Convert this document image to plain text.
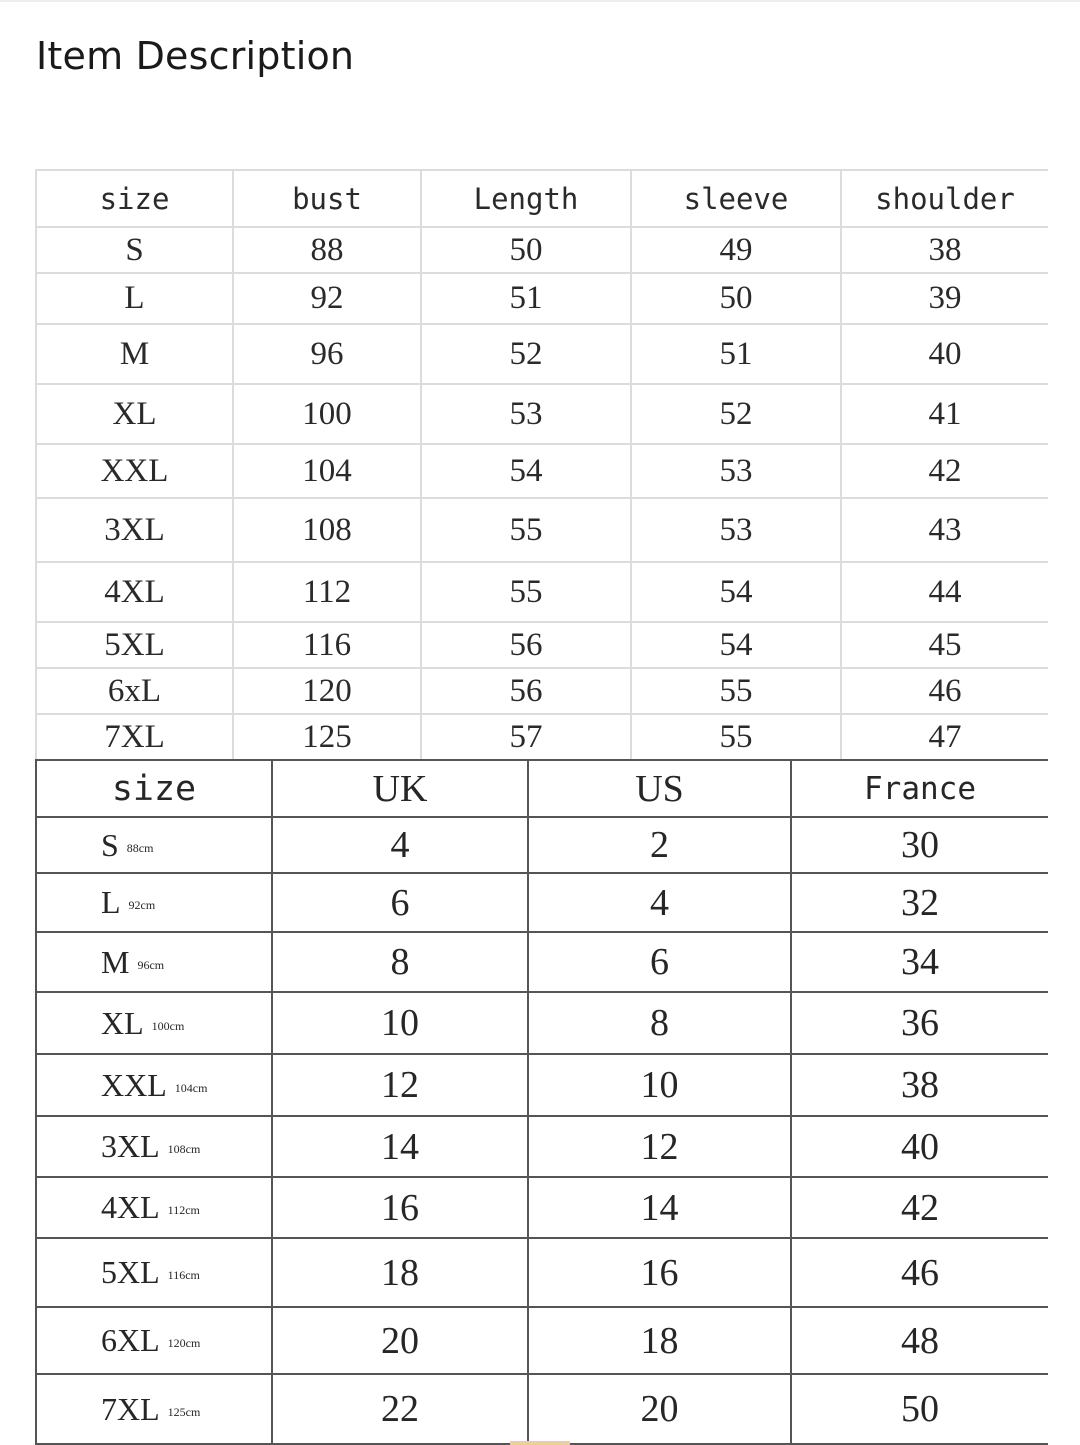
Item Description
size	bust	Length	sleeve	shoulder
S	88	50	49	38
L	92	51	50	39
M	96	52	51	40
XL	100	53	52	41
XXL	104	54	53	42
3XL	108	55	53	43
4XL	112	55	54	44
5XL	116	56	54	45
6xL	120	56	55	46
7XL	125	57	55	47
size	UK	US	France
S 88cm	4	2	30
L 92cm	6	4	32
M 96cm	8	6	34
XL 100cm	10	8	36
XXL 104cm	12	10	38
3XL 108cm	14	12	40
4XL 112cm	16	14	42
5XL 116cm	18	16	46
6XL 120cm	20	18	48
7XL 125cm	22	20	50
